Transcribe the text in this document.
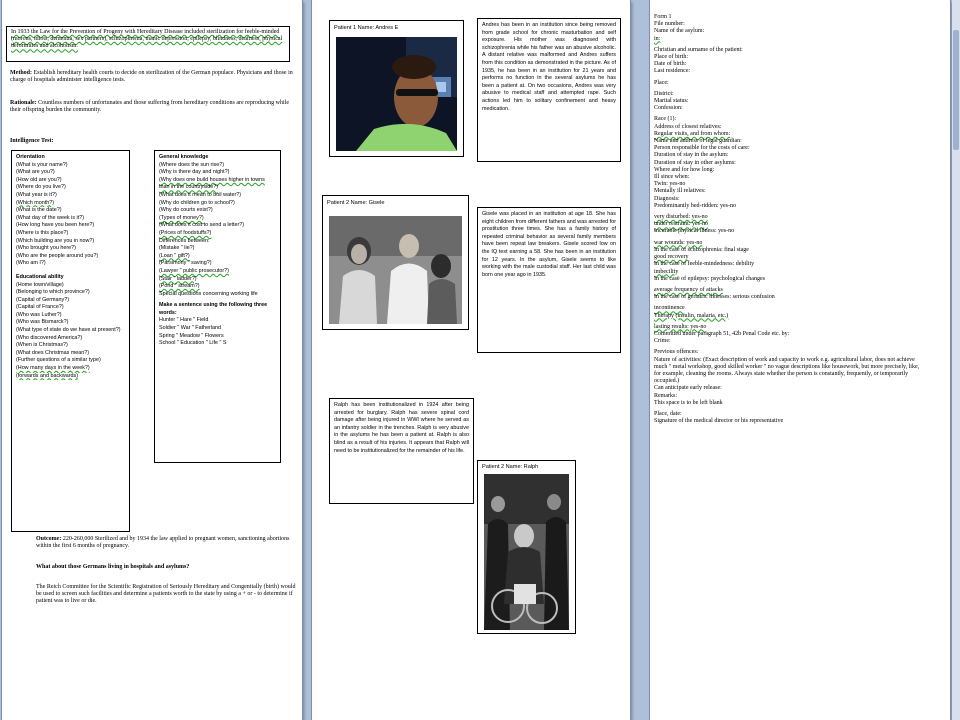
In 1933 the Law for the Prevention of Progeny with Hereditary Disease included sterilization for feeble-minded (morons, idiots, dementia, sex partners), schizophrenia, manic depression, epilepsy, blindness, deafness, physical deformities and alcoholism.
Method: Establish hereditary health courts to decide on sterilization of the German populace. Physicians and those in charge of hospitals administer intelligence tests.
Rationale: Countless numbers of unfortunates and those suffering from hereditary conditions are reproducing while their offspring burden the community.
Intelligence Test:
Orientation
(What is your name?)
(What are you?)
(How old are you?)
(Where do you live?)
(What year is it?)
(Which month?)
(What is the date?)
(What day of the week is it?)
(How long have you been here?)
(Where is this place?)
(Which building are you in now?)
(Who brought you here?)
(Who are the people around you?)
(Who am I?)
Educational ability
(Home town/village)
(Belonging to which province?)
(Capital of Germany?)
(Capital of France?)
(Who was Luther?)
(Who was Bismarck?)
(What type of state do we have at present?)
(Who discovered America?)
(When is Christmas?)
(What does Christmas mean?)
(Further questions of a similar type)
(How many days in the week?)
(forwards and backwards)
General knowledge
(Where does the sun rise?)
(Why is there day and night?)
(Why does one build houses higher in towns than in the countryside?)
(What does it mean to boil water?)
(Why do children go to school?)
(Why do courts exist?)
(Types of money?)
(What does it cost to send a letter?)
(Prices of foodstuffs?)
Differences between:
(Mistake " lie?)
(Loan " gift?)
(Parsimony " saving?)
(Lawyer " public prosecutor?)
(Stair " ladder?)
(Pond " stream?)
Special questions concerning working life
Make a sentence using the following three words:
Hunter " Hare " Field
Soldier " War " Fatherland
Spring " Meadow " Flowers
School " Education " Life " S
Outcome: 220-260,000 Sterilized and by 1934 the law applied to pregnant women, sanctioning abortions within the first 6 months of pregnancy.
What about those Germans living in hospitals and asylums?
The Reich Committee for the Scientific Registration of Seriously Hereditary and Congenitally (birth) would be used to screen such facilities and determine a patients worth to the state by using a + or - to determine if patient was to live or die.
Patient 1 Name: Andres E	Andres has been in an institution since being removed from grade school for chronic masturbation and self exposure. His mother was diagnosed with schizophrenia while his father was an abusive alcoholic. A distant relative was malformed and Andres suffers from this condition as demonstrated in the picture. As of 1935, he has been in an institution for 21 years and performs no function in the several asylums he has been a patient at. On two occasions, Andres was very abusive to medical staff and attempted rape. Such actions led him to solitary confinement and heavy medication.
Patient 2 Name: Gisele
Gisele was placed in an institution at age 18. She has eight children from different fathers and was arrested for prostitution three times. She has a family history of repeated criminal behavior as several family members have been repeat law breakers. Gisele scored low on the IQ test earning a 58. She has been in an institution for 12 years. In the asylum, Gisele seems to like working with the male custodial staff. Her last child was born one year ago in 1935.
Ralph has been institutionalized in 1924 after being arrested for burglary. Ralph has severe spinal cord damage after being injured in WWI where he served as an infantry soldier in the trenches. Ralph is very abusive in the asylums he has been a patient at. Ralph is also blind as a result of his injuries. It appears that Ralph will need to be institutionalized for the remainder of his life.
Patient 2 Name: Ralph
Form 1
File number:
Name of the asylum:
in:
Christian and surname of the patient:
Place of birth:
Date of birth:
Last residence:
Place:
District:
Marital status:
Confession:
Race (1):
Address of closest relatives:
Regular visits, and from whom:
Name and address of legal guardian:
Person responsible for the costs of care:
Duration of stay in the asylum:
Duration of stay in other asylums:
Where and for how long:
Ill since when:
Twin: yes-no
Mentally ill relatives:
Diagnosis:
Predominantly bed-ridden: yes-no
very disturbed: yes-no
under restraint: yes-no
Incurable physical illness: yes-no
war wounds: yes-no
In the case of schizophrenia: final stage
good recovery
In the case of feeble-mindedness: debility
imbecility
In the case of epilepsy: psychological changes
average frequency of attacks
In the case of geriatric illnesses: serious confusion
incontinence
Therapy (insulin, malaria, etc.)
lasting results: yes-no
Committed under paragraph 51, 42b Penal Code etc. by:
Crime:
Previous offences:
Nature of activities: (Exact description of work and capacity to work e.g. agricultural labor, does not achieve much " metal workshop, good skilled worker " no vague descriptions like housework, but more precisely, like, for example, cleaning the rooms. Always state whether the person is constantly, frequently, or temporarily occupied.)
Can anticipate early release:
Remarks:
This space is to be left blank
Place, date:
Signature of the medical director or his representative
